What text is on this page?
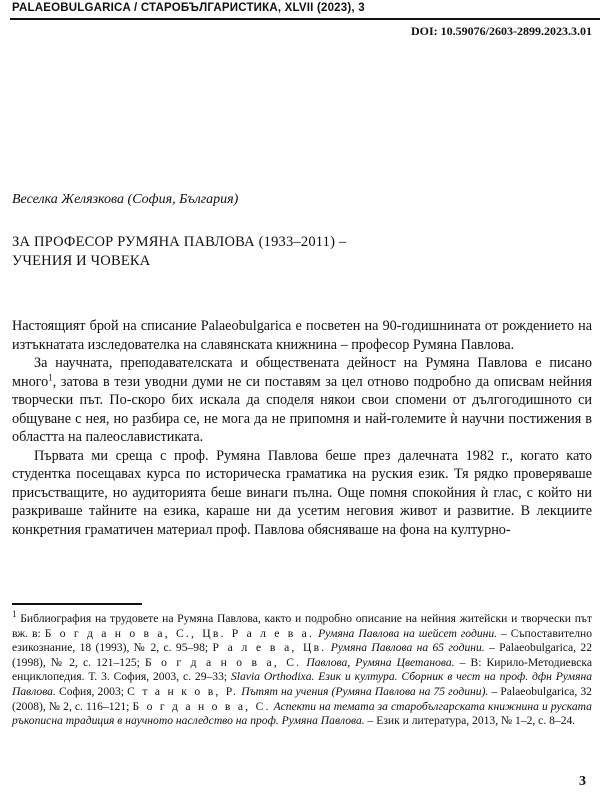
PALAEOBULGARICA / СТАРОБЪЛГАРИСТИКА, XLVII (2023), 3
DOI: 10.59076/2603-2899.2023.3.01
Веселка Желязкова (София, България)
ЗА ПРОФЕСОР РУМЯНА ПАВЛОВА (1933–2011) –
УЧЕНИЯ И ЧОВЕКА

Настоящият брой на списание Palaeobulgarica е посветен на 90-годишнината от рождението на изтъкнатата изследователка на славянската книжнина – професор Румяна Павлова.

За научната, преподавателската и обществената дейност на Румяна Павлова е писано много$^1$, затова в тези уводни думи не си поставям за цел отново подробно да описвам нейния творчески път. По-скоро бих искала да споделя някои свои спомени от дългогодишното си общуване с нея, но разбира се, не мога да не припомня и най-големите ѝ научни постижения в областта на палеославистиката.

Първата ми среща с проф. Румяна Павлова беше през далечната 1982 г., когато като студентка посещавах курса по историческа граматика на руския език. Тя рядко проверяваше присъстващите, но аудиторията беше винаги пълна. Още помня спокойния ѝ глас, с който ни разкриваше тайните на езика, караше ни да усетим неговия живот и развитие. В лекциите конкретния граматичен материал проф. Павлова обясняваше на фона на културно-

$^1$ Библиография на трудовете на Румяна Павлова, както и подробно описание на нейния житейски и творчески път вж. в: Б о г д а н о в а, С., Цв. Р а л е в а. Румяна Павлова на шейсет години. – Съпоставително езикознание, 18 (1993), № 2, с. 95–98; Р а л е в а, Цв. Румяна Павлова на 65 години. – Palaeobulgarica, 22 (1998), № 2, с. 121–125; Б о г д а н о в а, С. Павлова, Румяна Цветанова. – В: Кирило-Методиевска енциклопедия. Т. 3. София, 2003, с. 29–33; Slavia Orthodixa. Език и култура. Сборник в чест на проф. дфн Румяна Павлова. София, 2003; С т а н к о в, Р. Пътят на учения (Румяна Павлова на 75 години). – Palaeobulgarica, 32 (2008), № 2, с. 116–121; Б о г д а н о в а, С. Аспекти на темата за старобългарската книжнина и руската ръкописна традиция в научното наследство на проф. Румяна Павлова. – Език и литература, 2013, № 1–2, с. 8–24.
3
